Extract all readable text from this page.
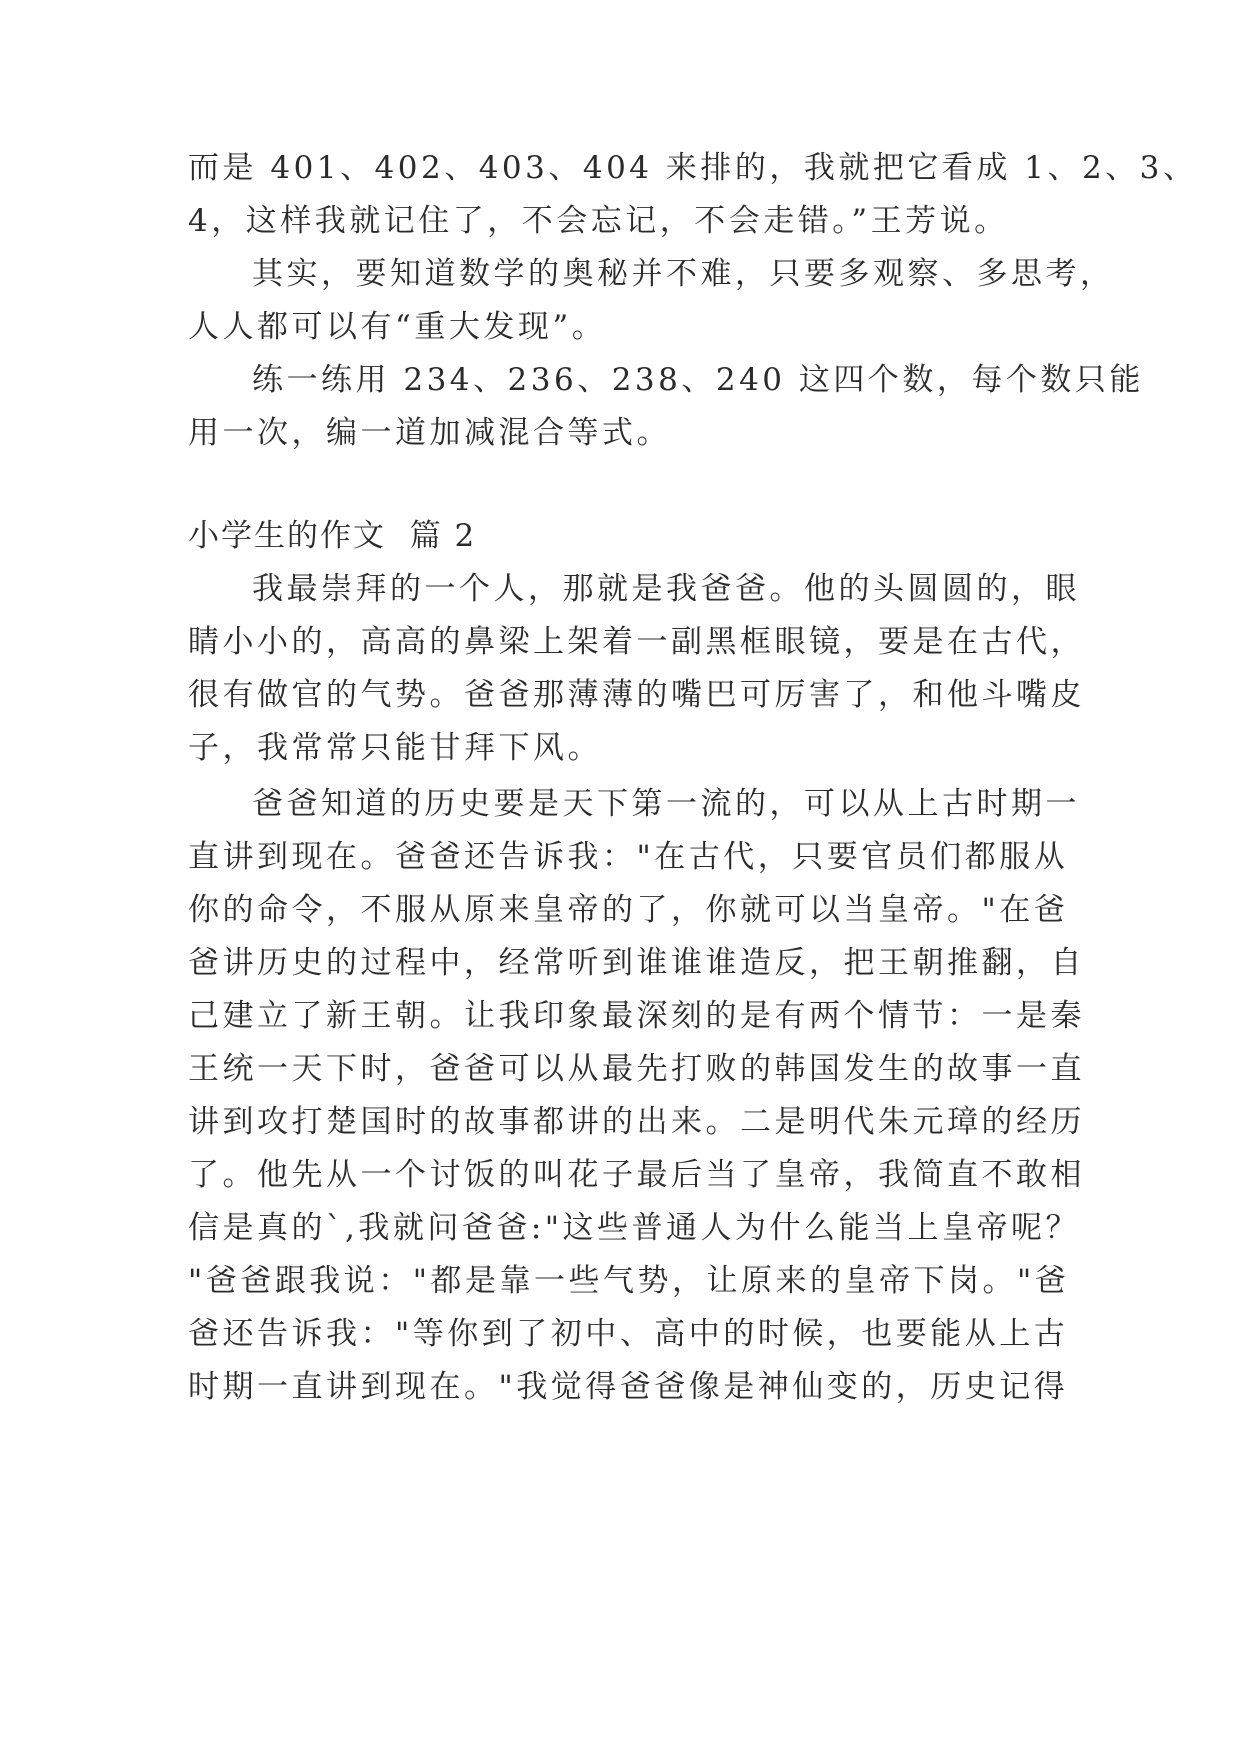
而是 401、402、403、404 来排的，我就把它看成 1、2、3、

4，这样我就记住了，不会忘记，不会走错。”王芳说。

其实，要知道数学的奥秘并不难，只要多观察、多思考，

人人都可以有“重大发现”。

练一练用 234、236、238、240 这四个数，每个数只能

用一次，编一道加减混合等式。

小学生的作文  篇 2

我最崇拜的一个人，那就是我爸爸。他的头圆圆的，眼

睛小小的，高高的鼻梁上架着一副黑框眼镜，要是在古代，

很有做官的气势。爸爸那薄薄的嘴巴可厉害了，和他斗嘴皮

子，我常常只能甘拜下风。

爸爸知道的历史要是天下第一流的，可以从上古时期一

直讲到现在。爸爸还告诉我："在古代，只要官员们都服从

你的命令，不服从原来皇帝的了，你就可以当皇帝。"在爸

爸讲历史的过程中，经常听到谁谁谁造反，把王朝推翻，自

己建立了新王朝。让我印象最深刻的是有两个情节：一是秦

王统一天下时，爸爸可以从最先打败的韩国发生的故事一直

讲到攻打楚国时的故事都讲的出来。二是明代朱元璋的经历

了。他先从一个讨饭的叫花子最后当了皇帝，我简直不敢相

信是真的`,我就问爸爸:"这些普通人为什么能当上皇帝呢？

"爸爸跟我说："都是靠一些气势，让原来的皇帝下岗。"爸

爸还告诉我："等你到了初中、高中的时候，也要能从上古

时期一直讲到现在。"我觉得爸爸像是神仙变的，历史记得
